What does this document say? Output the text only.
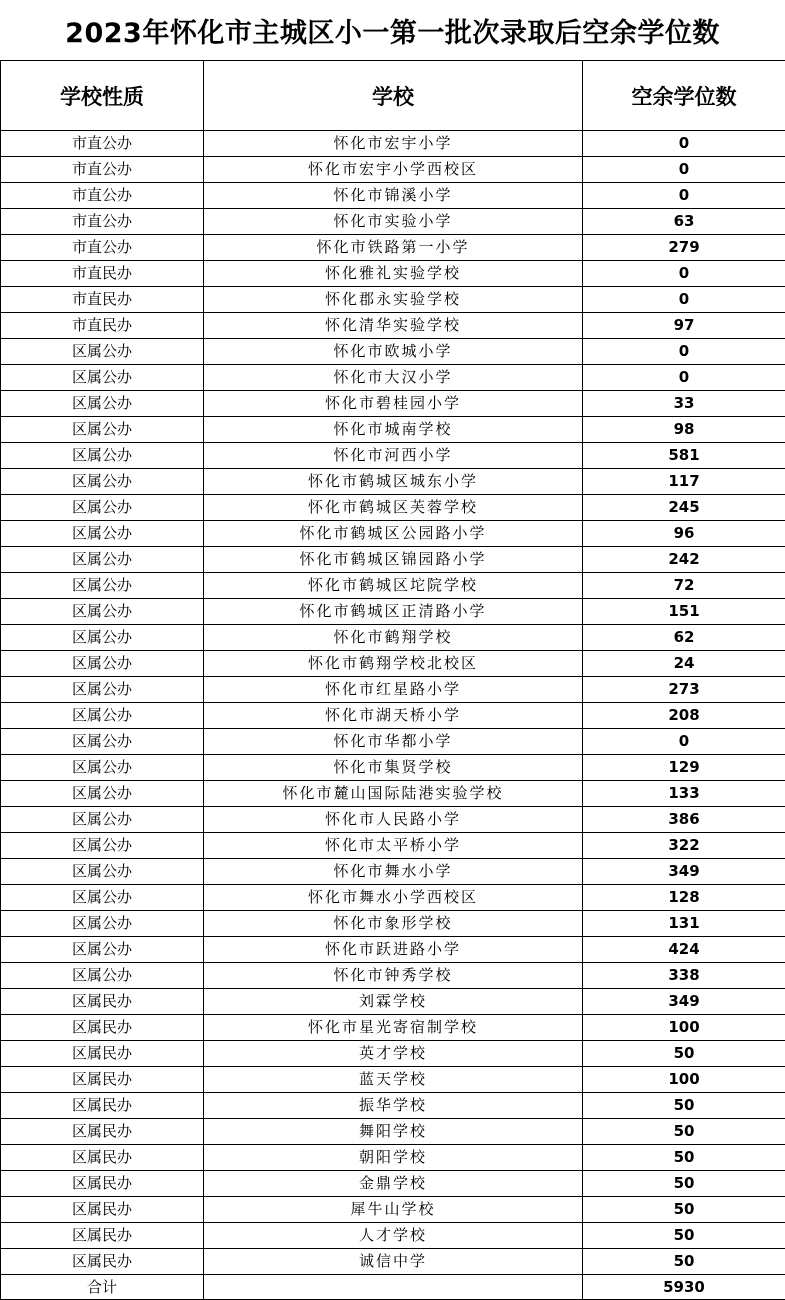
2023年怀化市主城区小一第一批次录取后空余学位数
学校性质	学校	空余学位数
市直公办	怀化市宏宇小学	0
市直公办	怀化市宏宇小学西校区	0
市直公办	怀化市锦溪小学	0
市直公办	怀化市实验小学	63
市直公办	怀化市铁路第一小学	279
市直民办	怀化雅礼实验学校	0
市直民办	怀化郡永实验学校	0
市直民办	怀化清华实验学校	97
区属公办	怀化市欧城小学	0
区属公办	怀化市大汉小学	0
区属公办	怀化市碧桂园小学	33
区属公办	怀化市城南学校	98
区属公办	怀化市河西小学	581
区属公办	怀化市鹤城区城东小学	117
区属公办	怀化市鹤城区芙蓉学校	245
区属公办	怀化市鹤城区公园路小学	96
区属公办	怀化市鹤城区锦园路小学	242
区属公办	怀化市鹤城区坨院学校	72
区属公办	怀化市鹤城区正清路小学	151
区属公办	怀化市鹤翔学校	62
区属公办	怀化市鹤翔学校北校区	24
区属公办	怀化市红星路小学	273
区属公办	怀化市湖天桥小学	208
区属公办	怀化市华都小学	0
区属公办	怀化市集贤学校	129
区属公办	怀化市麓山国际陆港实验学校	133
区属公办	怀化市人民路小学	386
区属公办	怀化市太平桥小学	322
区属公办	怀化市舞水小学	349
区属公办	怀化市舞水小学西校区	128
区属公办	怀化市象形学校	131
区属公办	怀化市跃进路小学	424
区属公办	怀化市钟秀学校	338
区属民办	刘霖学校	349
区属民办	怀化市星光寄宿制学校	100
区属民办	英才学校	50
区属民办	蓝天学校	100
区属民办	振华学校	50
区属民办	舞阳学校	50
区属民办	朝阳学校	50
区属民办	金鼎学校	50
区属民办	犀牛山学校	50
区属民办	人才学校	50
区属民办	诚信中学	50
合计		5930
